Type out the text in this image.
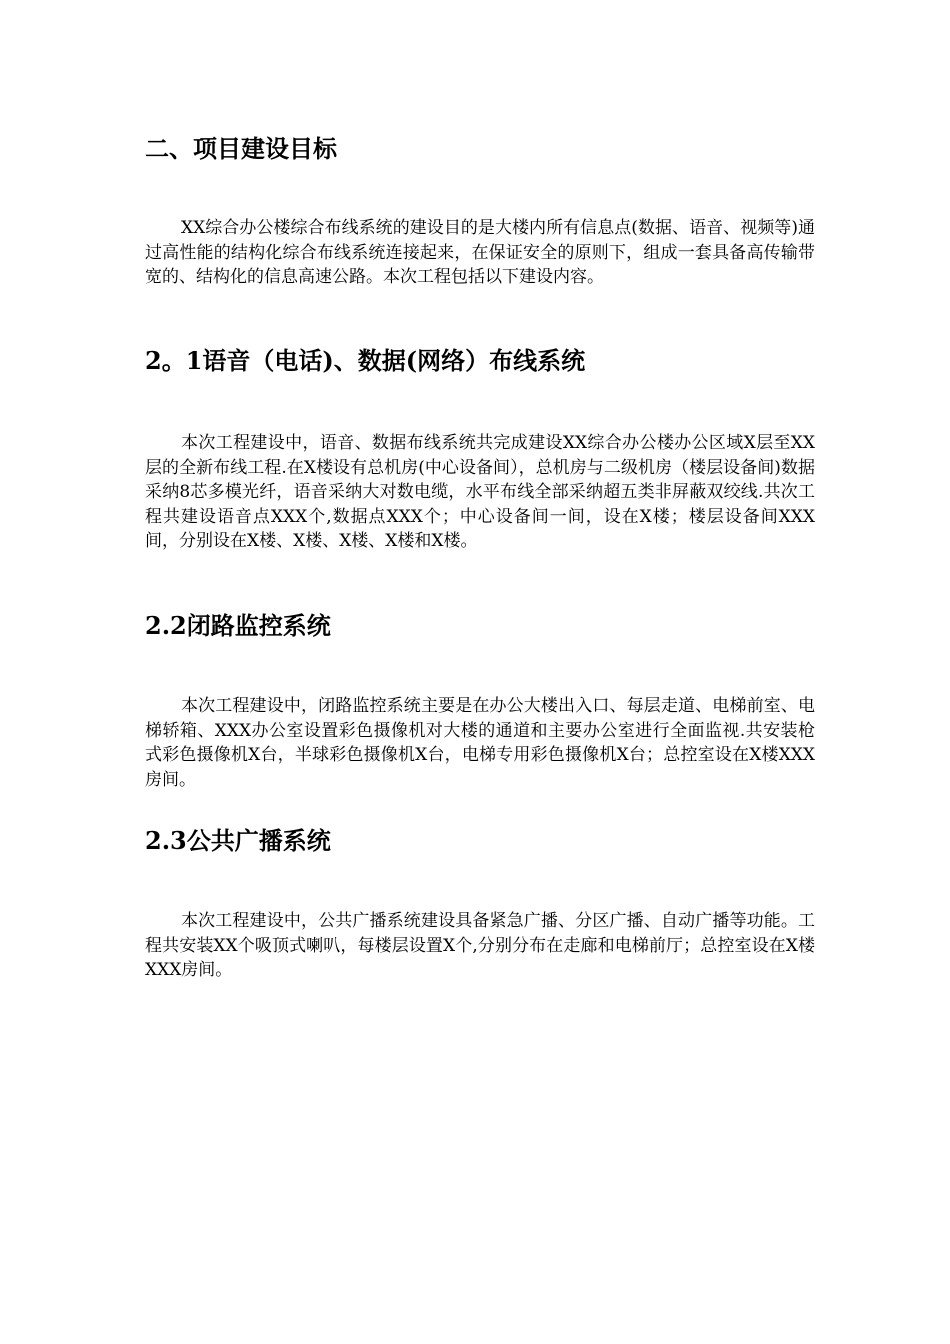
二、项目建设目标

XX综合办公楼综合布线系统的建设目的是大楼内所有信息点(数据、语音、视频等)通过高性能的结构化综合布线系统连接起来，在保证安全的原则下，组成一套具备高传输带宽的、结构化的信息高速公路。本次工程包括以下建设内容。

2。1语音（电话)、数据(网络）布线系统

本次工程建设中，语音、数据布线系统共完成建设XX综合办公楼办公区域X层至XX层的全新布线工程.在X楼设有总机房(中心设备间），总机房与二级机房（楼层设备间)数据采纳8芯多模光纤，语音采纳大对数电缆，水平布线全部采纳超五类非屏蔽双绞线.共次工程共建设语音点XXX个,数据点XXX个；中心设备间一间，设在X楼；楼层设备间XXX间，分别设在X楼、X楼、X楼、X楼和X楼。

2.2闭路监控系统

本次工程建设中，闭路监控系统主要是在办公大楼出入口、每层走道、电梯前室、电梯轿箱、XXX办公室设置彩色摄像机对大楼的通道和主要办公室进行全面监视.共安装枪式彩色摄像机X台，半球彩色摄像机X台，电梯专用彩色摄像机X台；总控室设在X楼XXX房间。

2.3公共广播系统

本次工程建设中，公共广播系统建设具备紧急广播、分区广播、自动广播等功能。工程共安装XX个吸顶式喇叭，每楼层设置X个,分别分布在走廊和电梯前厅；总控室设在X楼XXX房间。
